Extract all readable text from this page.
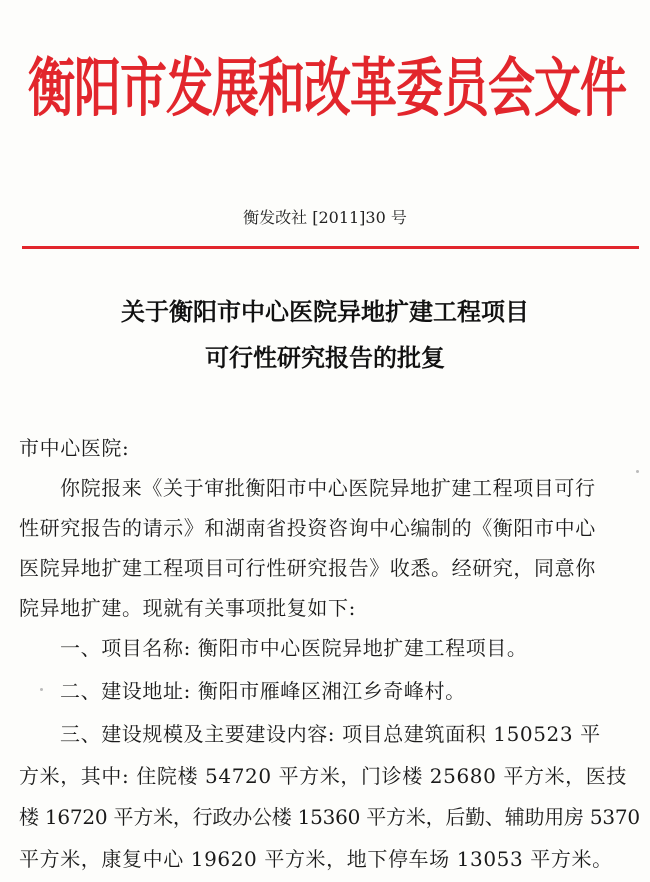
衡阳市发展和改革委员会文件
衡发改社 [2011]30 号
关于衡阳市中心医院异地扩建工程项目
可行性研究报告的批复
市中心医院:
你院报来《关于审批衡阳市中心医院异地扩建工程项目可行
性研究报告的请示》和湖南省投资咨询中心编制的《衡阳市中心
医院异地扩建工程项目可行性研究报告》收悉。经研究，同意你
院异地扩建。现就有关事项批复如下:
一、项目名称: 衡阳市中心医院异地扩建工程项目。
二、建设地址: 衡阳市雁峰区湘江乡奇峰村。
三、建设规模及主要建设内容: 项目总建筑面积 150523 平
方米，其中: 住院楼 54720 平方米，门诊楼 25680 平方米，医技
楼 16720 平方米，行政办公楼 15360 平方米，后勤、辅助用房 5370
平方米，康复中心 19620 平方米，地下停车场 13053 平方米。
